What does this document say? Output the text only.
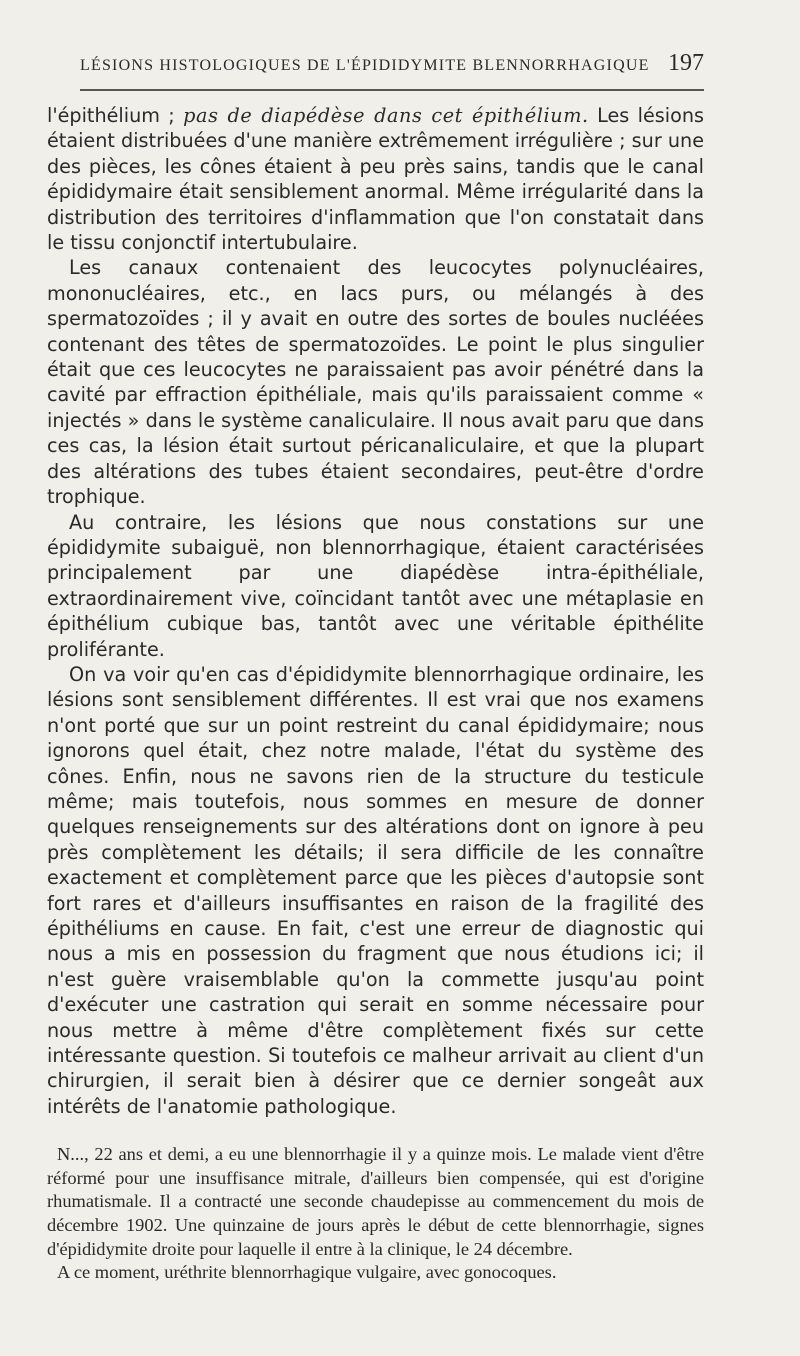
LÉSIONS HISTOLOGIQUES DE L'ÉPIDIDYMITE BLENNORRHAGIQUE 197

l'épithélium ; pas de diapédèse dans cet épithélium. Les lésions étaient distribuées d'une manière extrêmement irrégulière ; sur une des pièces, les cônes étaient à peu près sains, tandis que le canal épididymaire était sensiblement anormal. Même irrégularité dans la distribution des territoires d'inflammation que l'on constatait dans le tissu conjonctif intertubulaire.

Les canaux contenaient des leucocytes polynucléaires, mononucléaires, etc., en lacs purs, ou mélangés à des spermatozoïdes ; il y avait en outre des sortes de boules nucléées contenant des têtes de spermatozoïdes. Le point le plus singulier était que ces leucocytes ne paraissaient pas avoir pénétré dans la cavité par effraction épithéliale, mais qu'ils paraissaient comme « injectés » dans le système canaliculaire. Il nous avait paru que dans ces cas, la lésion était surtout péricanaliculaire, et que la plupart des altérations des tubes étaient secondaires, peut-être d'ordre trophique.

Au contraire, les lésions que nous constations sur une épididymite subaiguë, non blennorrhagique, étaient caractérisées principalement par une diapédèse intra-épithéliale, extraordinairement vive, coïncidant tantôt avec une métaplasie en épithélium cubique bas, tantôt avec une véritable épithélite proliférante.

On va voir qu'en cas d'épididymite blennorrhagique ordinaire, les lésions sont sensiblement différentes. Il est vrai que nos examens n'ont porté que sur un point restreint du canal épididymaire; nous ignorons quel était, chez notre malade, l'état du système des cônes. Enfin, nous ne savons rien de la structure du testicule même; mais toutefois, nous sommes en mesure de donner quelques renseignements sur des altérations dont on ignore à peu près complètement les détails; il sera difficile de les connaître exactement et complètement parce que les pièces d'autopsie sont fort rares et d'ailleurs insuffisantes en raison de la fragilité des épithéliums en cause. En fait, c'est une erreur de diagnostic qui nous a mis en possession du fragment que nous étudions ici; il n'est guère vraisemblable qu'on la commette jusqu'au point d'exécuter une castration qui serait en somme nécessaire pour nous mettre à même d'être complètement fixés sur cette intéressante question. Si toutefois ce malheur arrivait au client d'un chirurgien, il serait bien à désirer que ce dernier songeât aux intérêts de l'anatomie pathologique.

N..., 22 ans et demi, a eu une blennorrhagie il y a quinze mois. Le malade vient d'être réformé pour une insuffisance mitrale, d'ailleurs bien compensée, qui est d'origine rhumatismale. Il a contracté une seconde chaudepisse au commencement du mois de décembre 1902. Une quinzaine de jours après le début de cette blennorrhagie, signes d'épididymite droite pour laquelle il entre à la clinique, le 24 décembre.

A ce moment, uréthrite blennorrhagique vulgaire, avec gonocoques.
